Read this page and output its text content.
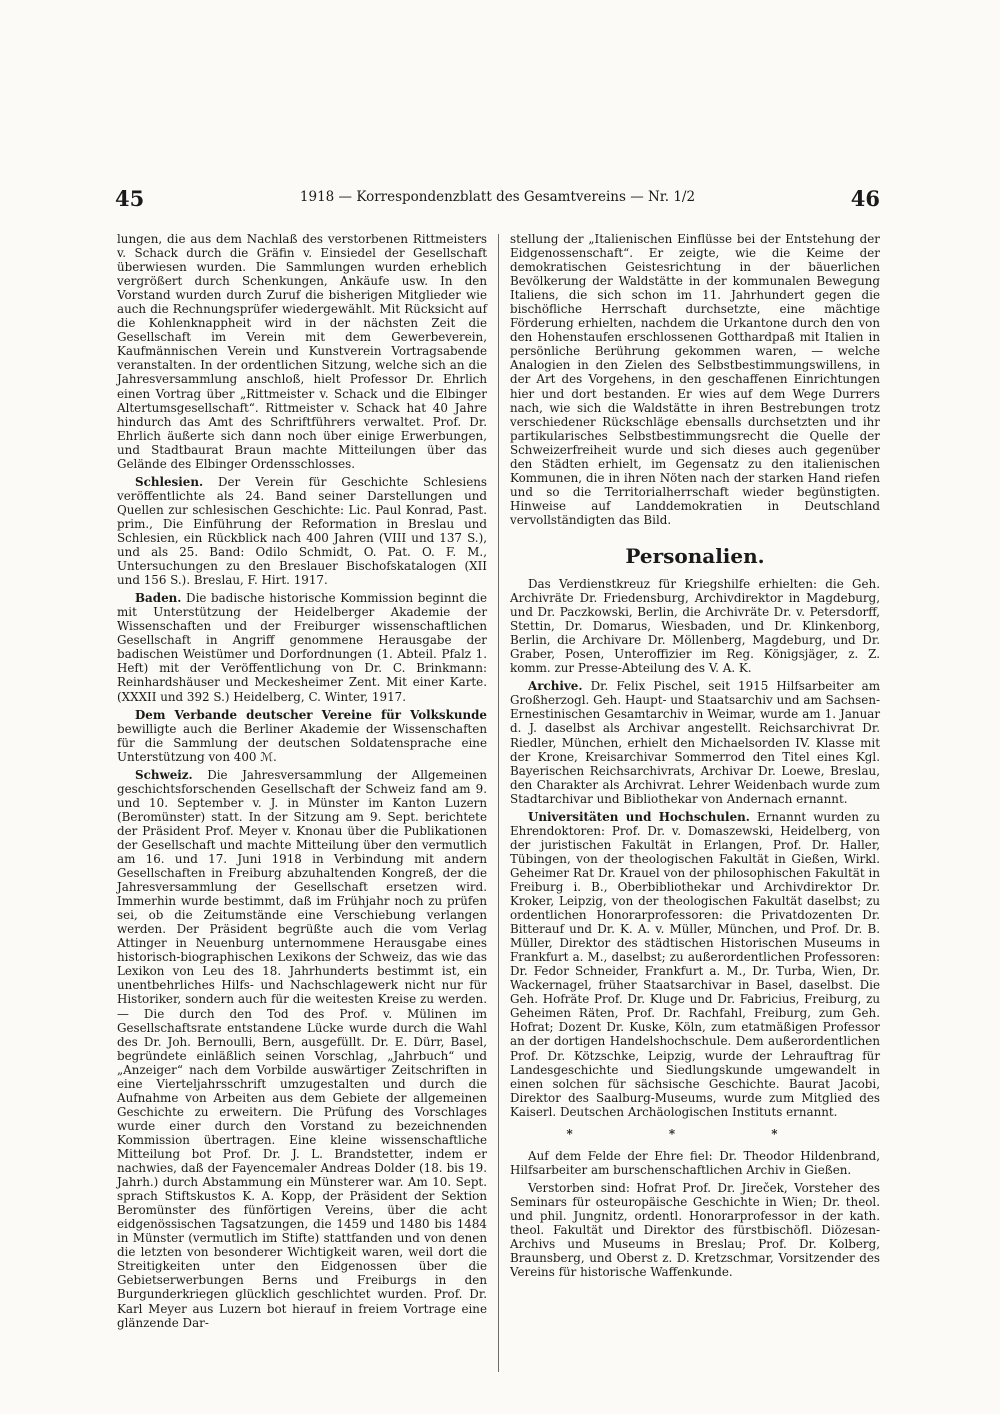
45	1918 — Korrespondenzblatt des Gesamtvereins — Nr. 1/2	46

lungen, die aus dem Nachlaß des verstorbenen Rittmeisters v. Schack durch die Gräfin v. Einsiedel der Gesellschaft überwiesen wurden. Die Sammlungen wurden erheblich vergrößert durch Schenkungen, Ankäufe usw. In den Vorstand wurden durch Zuruf die bisherigen Mitglieder wie auch die Rechnungsprüfer wiedergewählt. Mit Rücksicht auf die Kohlenknappheit wird in der nächsten Zeit die Gesellschaft im Verein mit dem Gewerbeverein, Kaufmännischen Verein und Kunstverein Vortragsabende veranstalten. In der ordentlichen Sitzung, welche sich an die Jahresversammlung anschloß, hielt Professor Dr. Ehrlich einen Vortrag über „Rittmeister v. Schack und die Elbinger Altertumsgesellschaft“. Rittmeister v. Schack hat 40 Jahre hindurch das Amt des Schriftführers verwaltet. Prof. Dr. Ehrlich äußerte sich dann noch über einige Erwerbungen, und Stadtbaurat Braun machte Mitteilungen über das Gelände des Elbinger Ordensschlosses.

Schlesien. Der Verein für Geschichte Schlesiens veröffentlichte als 24. Band seiner Darstellungen und Quellen zur schlesischen Geschichte: Lic. Paul Konrad, Past. prim., Die Einführung der Reformation in Breslau und Schlesien, ein Rückblick nach 400 Jahren (VIII und 137 S.), und als 25. Band: Odilo Schmidt, O. Pat. O. F. M., Untersuchungen zu den Breslauer Bischofskatalogen (XII und 156 S.). Breslau, F. Hirt. 1917.

Baden. Die badische historische Kommission beginnt die mit Unterstützung der Heidelberger Akademie der Wissenschaften und der Freiburger wissenschaftlichen Gesellschaft in Angriff genommene Herausgabe der badischen Weistümer und Dorfordnungen (1. Abteil. Pfalz 1. Heft) mit der Veröffentlichung von Dr. C. Brinkmann: Reinhardshäuser und Meckesheimer Zent. Mit einer Karte. (XXXII und 392 S.) Heidelberg, C. Winter, 1917.

Dem Verbande deutscher Vereine für Volkskunde bewilligte auch die Berliner Akademie der Wissenschaften für die Sammlung der deutschen Soldatensprache eine Unterstützung von 400 ℳ.

Schweiz. Die Jahresversammlung der Allgemeinen geschichtsforschenden Gesellschaft der Schweiz fand am 9. und 10. September v. J. in Münster im Kanton Luzern (Beromünster) statt. In der Sitzung am 9. Sept. berichtete der Präsident Prof. Meyer v. Knonau über die Publikationen der Gesellschaft und machte Mitteilung über den vermutlich am 16. und 17. Juni 1918 in Verbindung mit andern Gesellschaften in Freiburg abzuhaltenden Kongreß, der die Jahresversammlung der Gesellschaft ersetzen wird. Immerhin wurde bestimmt, daß im Frühjahr noch zu prüfen sei, ob die Zeitumstände eine Verschiebung verlangen werden. Der Präsident begrüßte auch die vom Verlag Attinger in Neuenburg unternommene Herausgabe eines historisch-biographischen Lexikons der Schweiz, das wie das Lexikon von Leu des 18. Jahrhunderts bestimmt ist, ein unentbehrliches Hilfs- und Nachschlagewerk nicht nur für Historiker, sondern auch für die weitesten Kreise zu werden. — Die durch den Tod des Prof. v. Mülinen im Gesellschaftsrate entstandene Lücke wurde durch die Wahl des Dr. Joh. Bernoulli, Bern, ausgefüllt. Dr. E. Dürr, Basel, begründete einläßlich seinen Vorschlag, „Jahrbuch“ und „Anzeiger“ nach dem Vorbilde auswärtiger Zeitschriften in eine Vierteljahrsschrift umzugestalten und durch die Aufnahme von Arbeiten aus dem Gebiete der allgemeinen Geschichte zu erweitern. Die Prüfung des Vorschlages wurde einer durch den Vorstand zu bezeichnenden Kommission übertragen. Eine kleine wissenschaftliche Mitteilung bot Prof. Dr. J. L. Brandstetter, indem er nachwies, daß der Fayencemaler Andreas Dolder (18. bis 19. Jahrh.) durch Abstammung ein Münsterer war. Am 10. Sept. sprach Stiftskustos K. A. Kopp, der Präsident der Sektion Beromünster des fünförtigen Vereins, über die acht eidgenössischen Tagsatzungen, die 1459 und 1480 bis 1484 in Münster (vermutlich im Stifte) stattfanden und von denen die letzten von besonderer Wichtigkeit waren, weil dort die Streitigkeiten unter den Eidgenossen über die Gebietserwerbungen Berns und Freiburgs in den Burgunderkriegen glücklich geschlichtet wurden. Prof. Dr. Karl Meyer aus Luzern bot hierauf in freiem Vortrage eine glänzende Dar-

stellung der „Italienischen Einflüsse bei der Entstehung der Eidgenossenschaft“. Er zeigte, wie die Keime der demokratischen Geistesrichtung in der bäuerlichen Bevölkerung der Waldstätte in der kommunalen Bewegung Italiens, die sich schon im 11. Jahrhundert gegen die bischöfliche Herrschaft durchsetzte, eine mächtige Förderung erhielten, nachdem die Urkantone durch den von den Hohenstaufen erschlossenen Gotthardpaß mit Italien in persönliche Berührung gekommen waren, — welche Analogien in den Zielen des Selbstbestimmungswillens, in der Art des Vorgehens, in den geschaffenen Einrichtungen hier und dort bestanden. Er wies auf dem Wege Durrers nach, wie sich die Waldstätte in ihren Bestrebungen trotz verschiedener Rückschläge ebensalls durchsetzten und ihr partikularisches Selbstbestimmungsrecht die Quelle der Schweizerfreiheit wurde und sich dieses auch gegenüber den Städten erhielt, im Gegensatz zu den italienischen Kommunen, die in ihren Nöten nach der starken Hand riefen und so die Territorialherrschaft wieder begünstigten. Hinweise auf Landdemokratien in Deutschland vervollständigten das Bild.

Personalien.

Das Verdienstkreuz für Kriegshilfe erhielten: die Geh. Archivräte Dr. Friedensburg, Archivdirektor in Magdeburg, und Dr. Paczkowski, Berlin, die Archivräte Dr. v. Petersdorff, Stettin, Dr. Domarus, Wiesbaden, und Dr. Klinkenborg, Berlin, die Archivare Dr. Möllenberg, Magdeburg, und Dr. Graber, Posen, Unteroffizier im Reg. Königsjäger, z. Z. komm. zur Presse-Abteilung des V. A. K.

Archive. Dr. Felix Pischel, seit 1915 Hilfsarbeiter am Großherzogl. Geh. Haupt- und Staatsarchiv und am Sachsen-Ernestinischen Gesamtarchiv in Weimar, wurde am 1. Januar d. J. daselbst als Archivar angestellt. Reichsarchivrat Dr. Riedler, München, erhielt den Michaelsorden IV. Klasse mit der Krone, Kreisarchivar Sommerrod den Titel eines Kgl. Bayerischen Reichsarchivrats, Archivar Dr. Loewe, Breslau, den Charakter als Archivrat. Lehrer Weidenbach wurde zum Stadtarchivar und Bibliothekar von Andernach ernannt.

Universitäten und Hochschulen. Ernannt wurden zu Ehrendoktoren: Prof. Dr. v. Domaszewski, Heidelberg, von der juristischen Fakultät in Erlangen, Prof. Dr. Haller, Tübingen, von der theologischen Fakultät in Gießen, Wirkl. Geheimer Rat Dr. Krauel von der philosophischen Fakultät in Freiburg i. B., Oberbibliothekar und Archivdirektor Dr. Kroker, Leipzig, von der theologischen Fakultät daselbst; zu ordentlichen Honorarprofessoren: die Privatdozenten Dr. Bitterauf und Dr. K. A. v. Müller, München, und Prof. Dr. B. Müller, Direktor des städtischen Historischen Museums in Frankfurt a. M., daselbst; zu außerordentlichen Professoren: Dr. Fedor Schneider, Frankfurt a. M., Dr. Turba, Wien, Dr. Wackernagel, früher Staatsarchivar in Basel, daselbst. Die Geh. Hofräte Prof. Dr. Kluge und Dr. Fabricius, Freiburg, zu Geheimen Räten, Prof. Dr. Rachfahl, Freiburg, zum Geh. Hofrat; Dozent Dr. Kuske, Köln, zum etatmäßigen Professor an der dortigen Handelshochschule. Dem außerordentlichen Prof. Dr. Kötzschke, Leipzig, wurde der Lehrauftrag für Landesgeschichte und Siedlungskunde umgewandelt in einen solchen für sächsische Geschichte. Baurat Jacobi, Direktor des Saalburg-Museums, wurde zum Mitglied des Kaiserl. Deutschen Archäologischen Instituts ernannt.

* * *

Auf dem Felde der Ehre fiel: Dr. Theodor Hildenbrand, Hilfsarbeiter am burschenschaftlichen Archiv in Gießen.

Verstorben sind: Hofrat Prof. Dr. Jireček, Vorsteher des Seminars für osteuropäische Geschichte in Wien; Dr. theol. und phil. Jungnitz, ordentl. Honorarprofessor in der kath. theol. Fakultät und Direktor des fürstbischöfl. Diözesan-Archivs und Museums in Breslau; Prof. Dr. Kolberg, Braunsberg, und Oberst z. D. Kretzschmar, Vorsitzender des Vereins für historische Waffenkunde.
